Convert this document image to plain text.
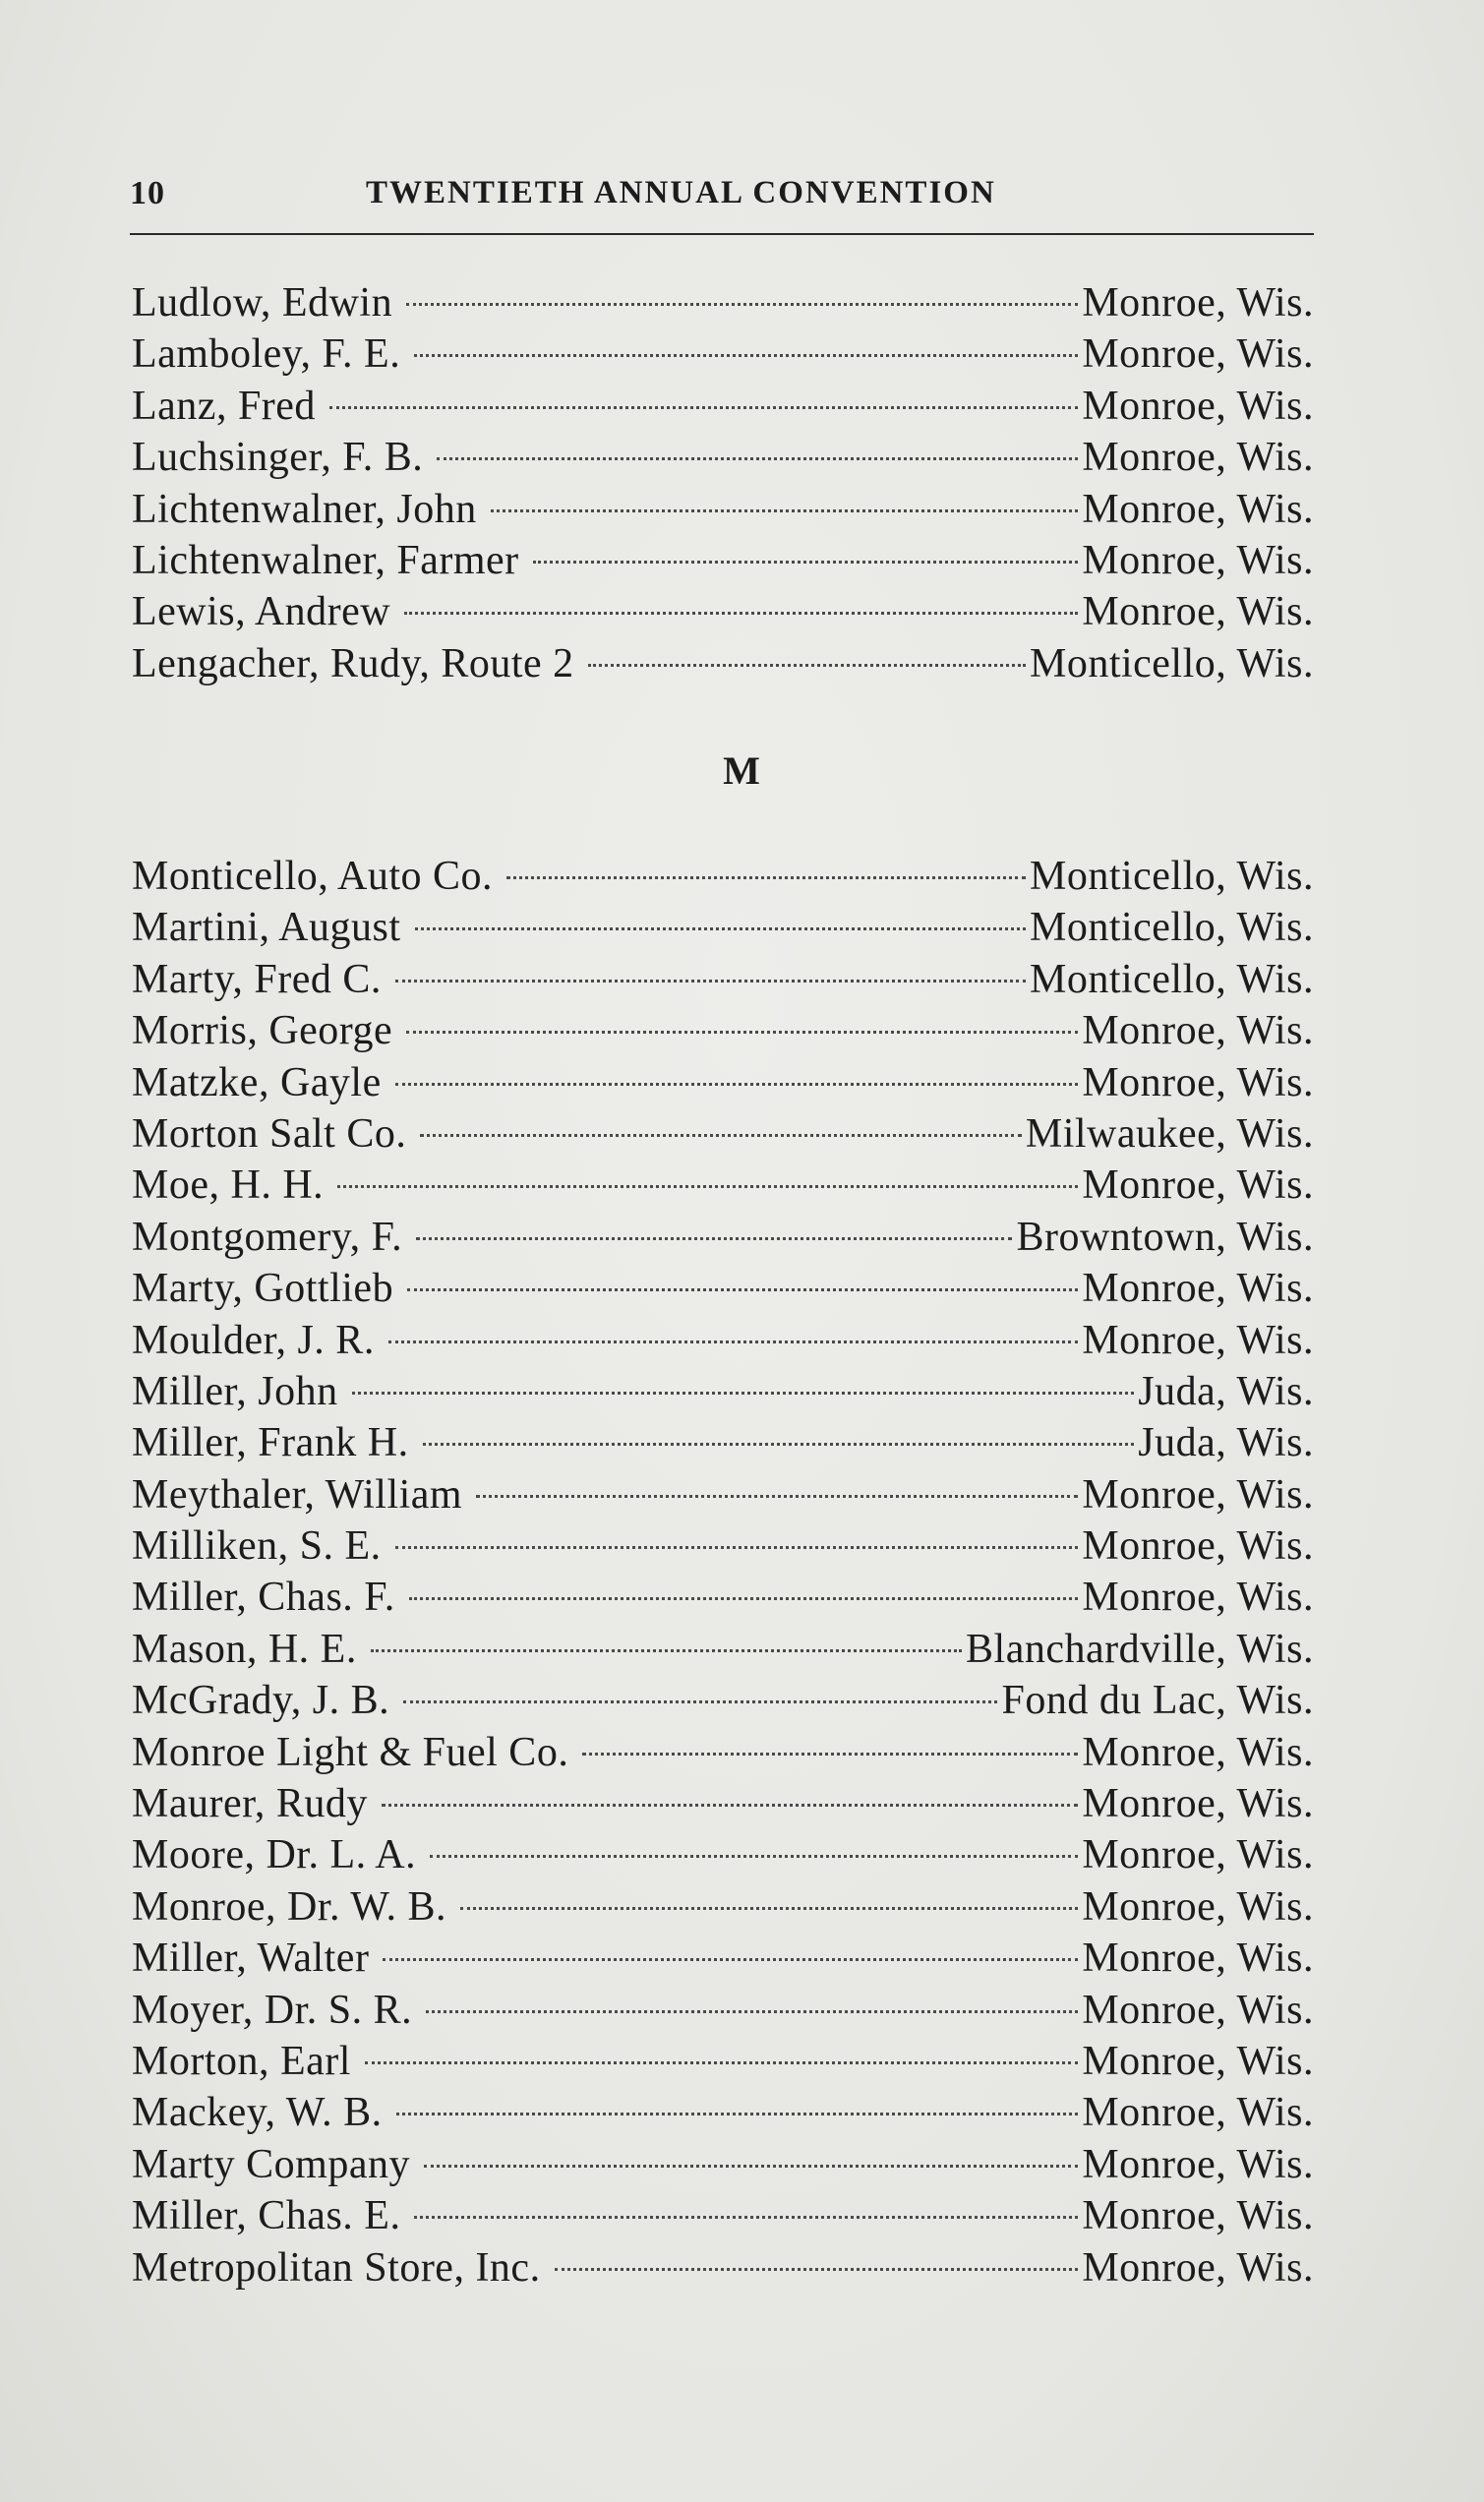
10	TWENTIETH ANNUAL CONVENTION
Ludlow, Edwin	Monroe, Wis.
Lamboley, F. E.	Monroe, Wis.
Lanz, Fred	Monroe, Wis.
Luchsinger, F. B.	Monroe, Wis.
Lichtenwalner, John	Monroe, Wis.
Lichtenwalner, Farmer	Monroe, Wis.
Lewis, Andrew	Monroe, Wis.
Lengacher, Rudy, Route 2	Monticello, Wis.
M
Monticello, Auto Co.	Monticello, Wis.
Martini, August	Monticello, Wis.
Marty, Fred C.	Monticello, Wis.
Morris, George	Monroe, Wis.
Matzke, Gayle	Monroe, Wis.
Morton Salt Co.	Milwaukee, Wis.
Moe, H. H.	Monroe, Wis.
Montgomery, F.	Browntown, Wis.
Marty, Gottlieb	Monroe, Wis.
Moulder, J. R.	Monroe, Wis.
Miller, John	Juda, Wis.
Miller, Frank H.	Juda, Wis.
Meythaler, William	Monroe, Wis.
Milliken, S. E.	Monroe, Wis.
Miller, Chas. F.	Monroe, Wis.
Mason, H. E.	Blanchardville, Wis.
McGrady, J. B.	Fond du Lac, Wis.
Monroe Light & Fuel Co.	Monroe, Wis.
Maurer, Rudy	Monroe, Wis.
Moore, Dr. L. A.	Monroe, Wis.
Monroe, Dr. W. B.	Monroe, Wis.
Miller, Walter	Monroe, Wis.
Moyer, Dr. S. R.	Monroe, Wis.
Morton, Earl	Monroe, Wis.
Mackey, W. B.	Monroe, Wis.
Marty Company	Monroe, Wis.
Miller, Chas. E.	Monroe, Wis.
Metropolitan Store, Inc.	Monroe, Wis.
